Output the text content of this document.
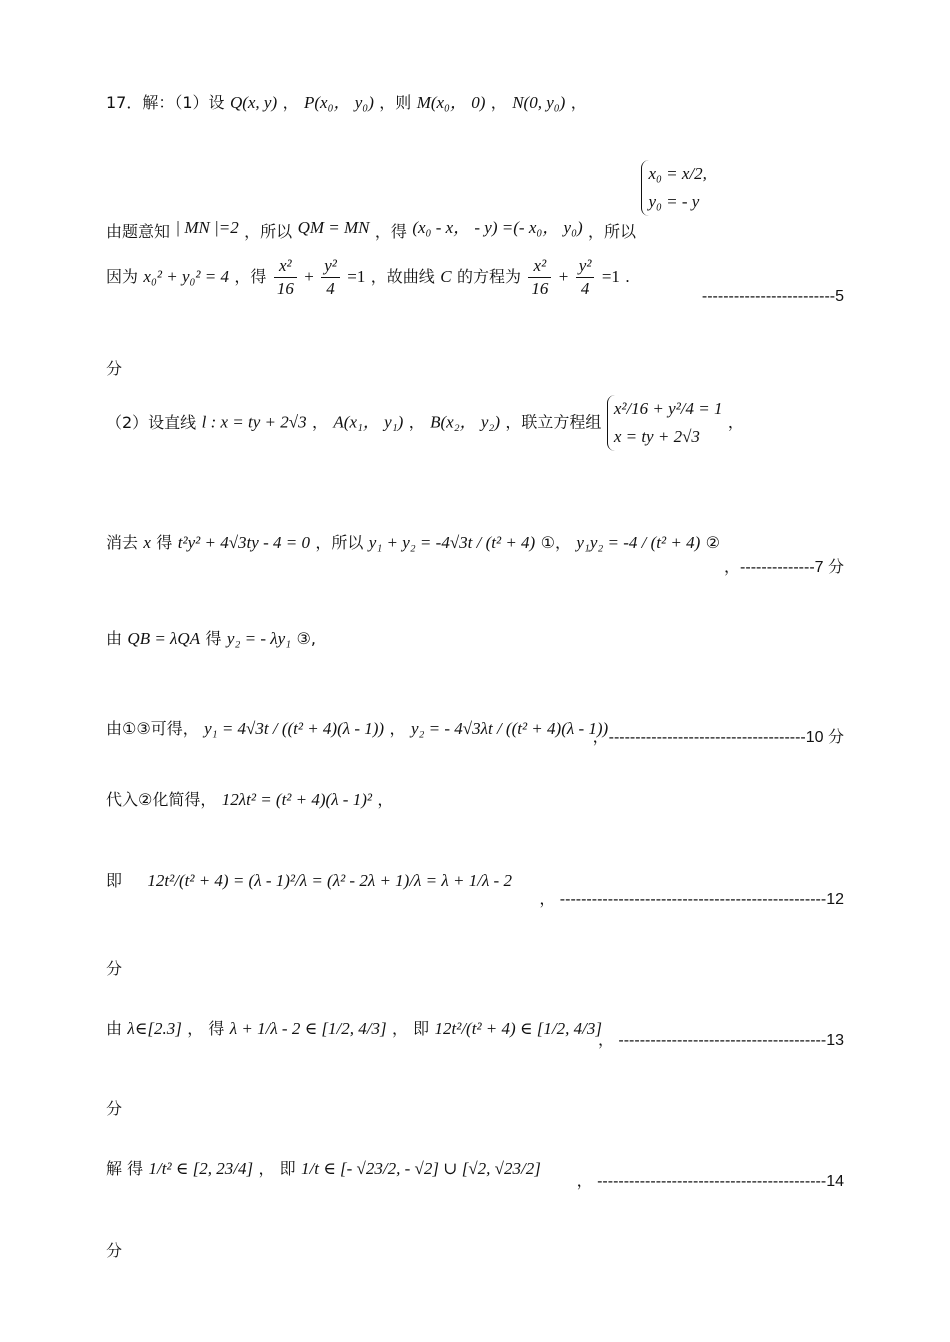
17．解：（1）设 Q(x, y) ， P(x₀， y₀) ，则 M(x₀， 0) ， N(0, y₀) ，
由题意知 | MN |=2 ，所以 QM = MN ，得 (x₀ - x， - y) =(- x₀， y₀) ，所以
x₀ = x/2,
y₀ = - y
因为 x₀² + y₀² = 4 ，得 $\frac{\text{x²}}{16} + \frac{\text{y²}}{4} =1$ ，故曲线 C 的方程为 $\frac{\text{x²}}{16} + \frac{\text{y²}}{4} =1$ .
-------------------------5
分
（2）设直线 l : x = ty + 2√3 ， A(x₁， y₁) ， B(x₂， y₂) ，联立方程组
x²/16 + y²/4 = 1
x = ty + 2√3
，
消去 x 得 t²y² + 4√3ty - 4 = 0 ，所以 y₁ + y₂ = -4√3t / (t² + 4) ①， y₁y₂ = -4 / (t² + 4) ②
，--------------7 分
由 QB = λQA 得 y₂ = - λy₁ ③,
由①③可得， y₁ = 4√3t / ((t² + 4)(λ - 1)) ， y₂ = - 4√3λt / ((t² + 4)(λ - 1))
，-------------------------------------10 分
代入②化简得， 12λt² = (t² + 4)(λ - 1)² ，
即 12t²/(t² + 4) = (λ - 1)²/λ = (λ² - 2λ + 1)/λ = λ + 1/λ - 2
， --------------------------------------------------12
分
由 λ∈[2.3] ， 得 λ + 1/λ - 2 ∈ [1/2, 4/3] ， 即 12t²/(t² + 4) ∈ [1/2, 4/3]
， ---------------------------------------13
分
解 得 1/t² ∈ [2, 23/4] ， 即 1/t ∈ [- √23/2, - √2] ∪ [√2, √23/2]
， -------------------------------------------14
分
